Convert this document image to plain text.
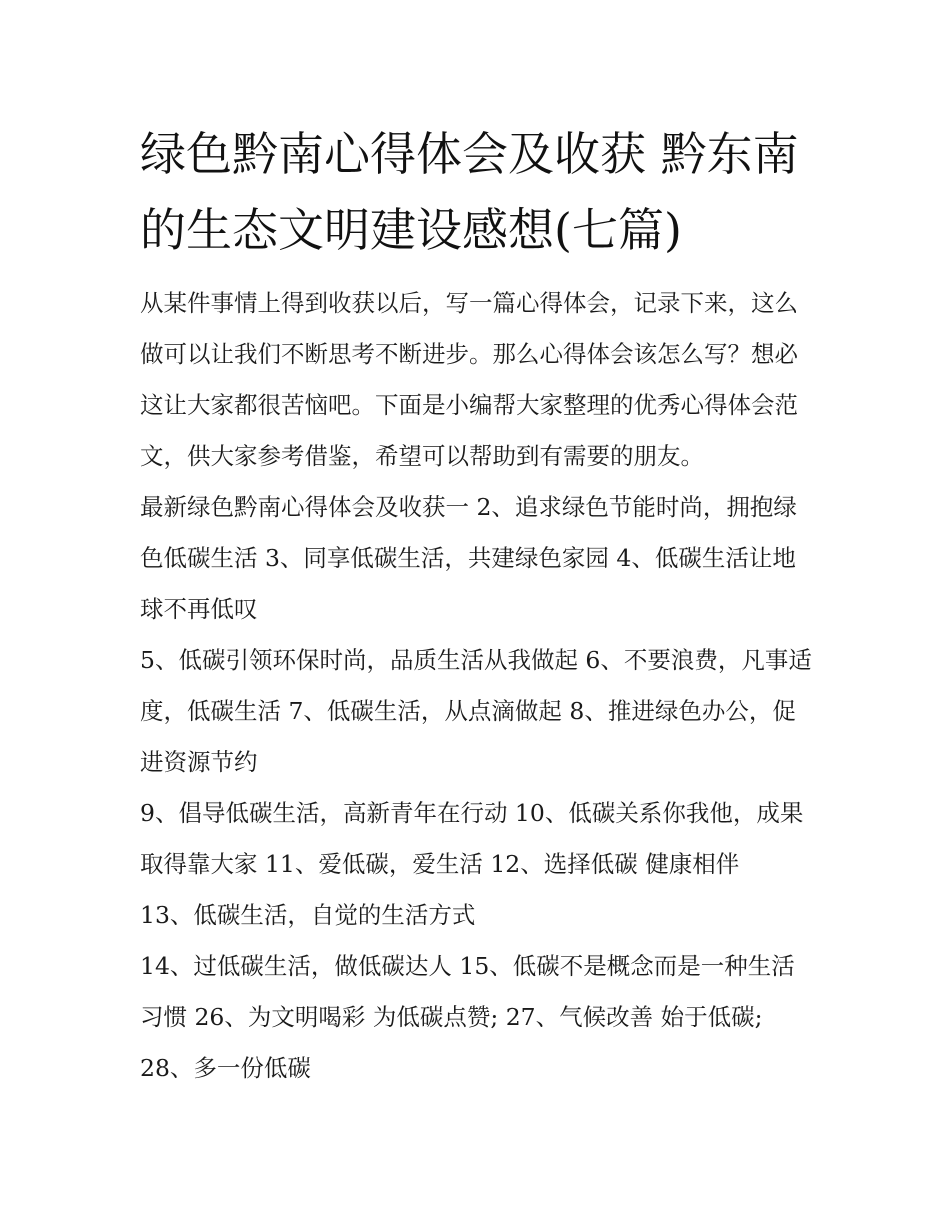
绿色黔南心得体会及收获 黔东南的生态文明建设感想(七篇)

从某件事情上得到收获以后，写一篇心得体会，记录下来，这么做可以让我们不断思考不断进步。那么心得体会该怎么写？想必这让大家都很苦恼吧。下面是小编帮大家整理的优秀心得体会范文，供大家参考借鉴，希望可以帮助到有需要的朋友。

最新绿色黔南心得体会及收获一 2、追求绿色节能时尚，拥抱绿色低碳生活 3、同享低碳生活，共建绿色家园 4、低碳生活让地球不再低叹

5、低碳引领环保时尚，品质生活从我做起 6、不要浪费，凡事适度，低碳生活 7、低碳生活，从点滴做起 8、推进绿色办公，促进资源节约

9、倡导低碳生活，高新青年在行动 10、低碳关系你我他，成果取得靠大家 11、爱低碳，爱生活 12、选择低碳 健康相伴

13、低碳生活，自觉的生活方式

14、过低碳生活，做低碳达人 15、低碳不是概念而是一种生活习惯 26、为文明喝彩 为低碳点赞; 27、气候改善 始于低碳;

28、多一份低碳
